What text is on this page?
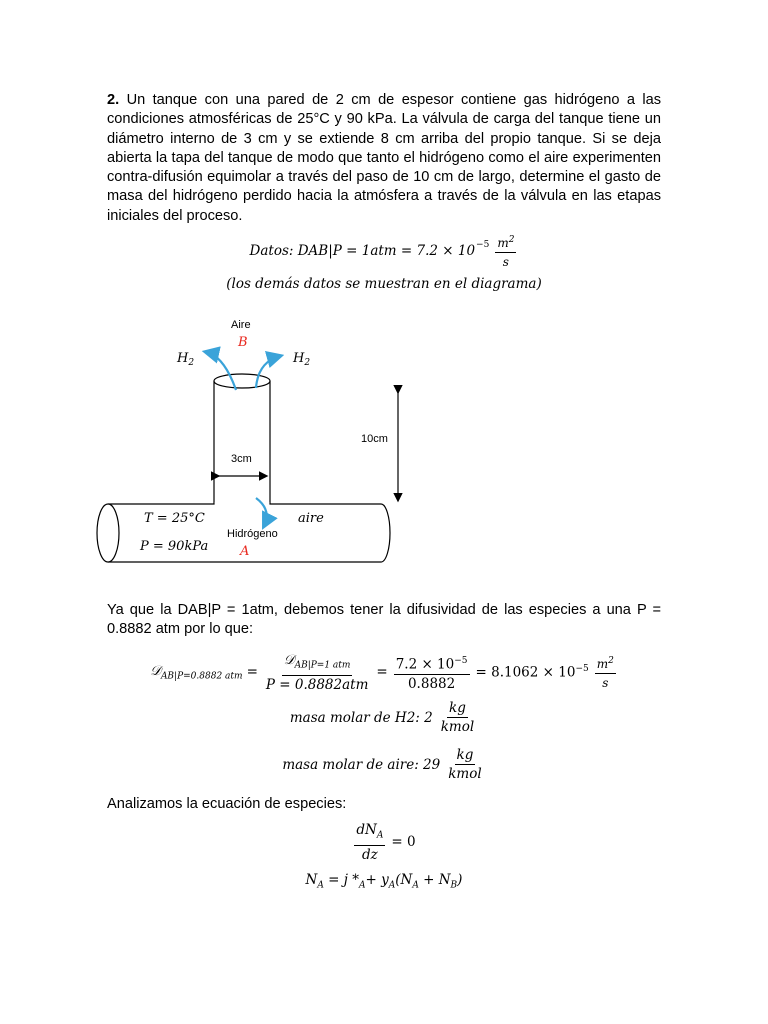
2. Un tanque con una pared de 2 cm de espesor contiene gas hidrógeno a las condiciones atmosféricas de 25°C y 90 kPa. La válvula de carga del tanque tiene un diámetro interno de 3 cm y se extiende 8 cm arriba del propio tanque. Si se deja abierta la tapa del tanque de modo que tanto el hidrógeno como el aire experimenten contra-difusión equimolar a través del paso de 10 cm de largo, determine el gasto de masa del hidrógeno perdido hacia la atmósfera a través de la válvula en las etapas iniciales del proceso.
Datos: $DAB|P = 1atm = 7.2 \times 10^{-5} \frac{m^2}{s}$
(los demás datos se muestran en el diagrama)
3cm
10cm
Aire
B
$H_2$	$H_2$
T = 25°C
P = 90kPa
Hidrógeno
A
aire
Ya que la DAB|P = 1atm, debemos tener la difusividad de las especies a una P =
0.8882 atm por lo que:
𝒟$_{AB|P=0.8882 atm}$ = $\frac{𝒟_{AB|P=1 atm}}{\text{P = 0.8882atm}} = \frac{7.2 \times 10^{-5}}{0.8882} = 8.1062 \times 10^{-5} \frac{m^2}{s}$
masa molar de H2: $2 \frac{kg}{\text{kmol}}$
masa molar de aire: $29 \frac{kg}{\text{kmol}}$
Analizamos la ecuación de especies:
$\frac{dN_A}{dz} = 0$
$N_A = j$ $*_A+ y_A(N_A + N_B)$
